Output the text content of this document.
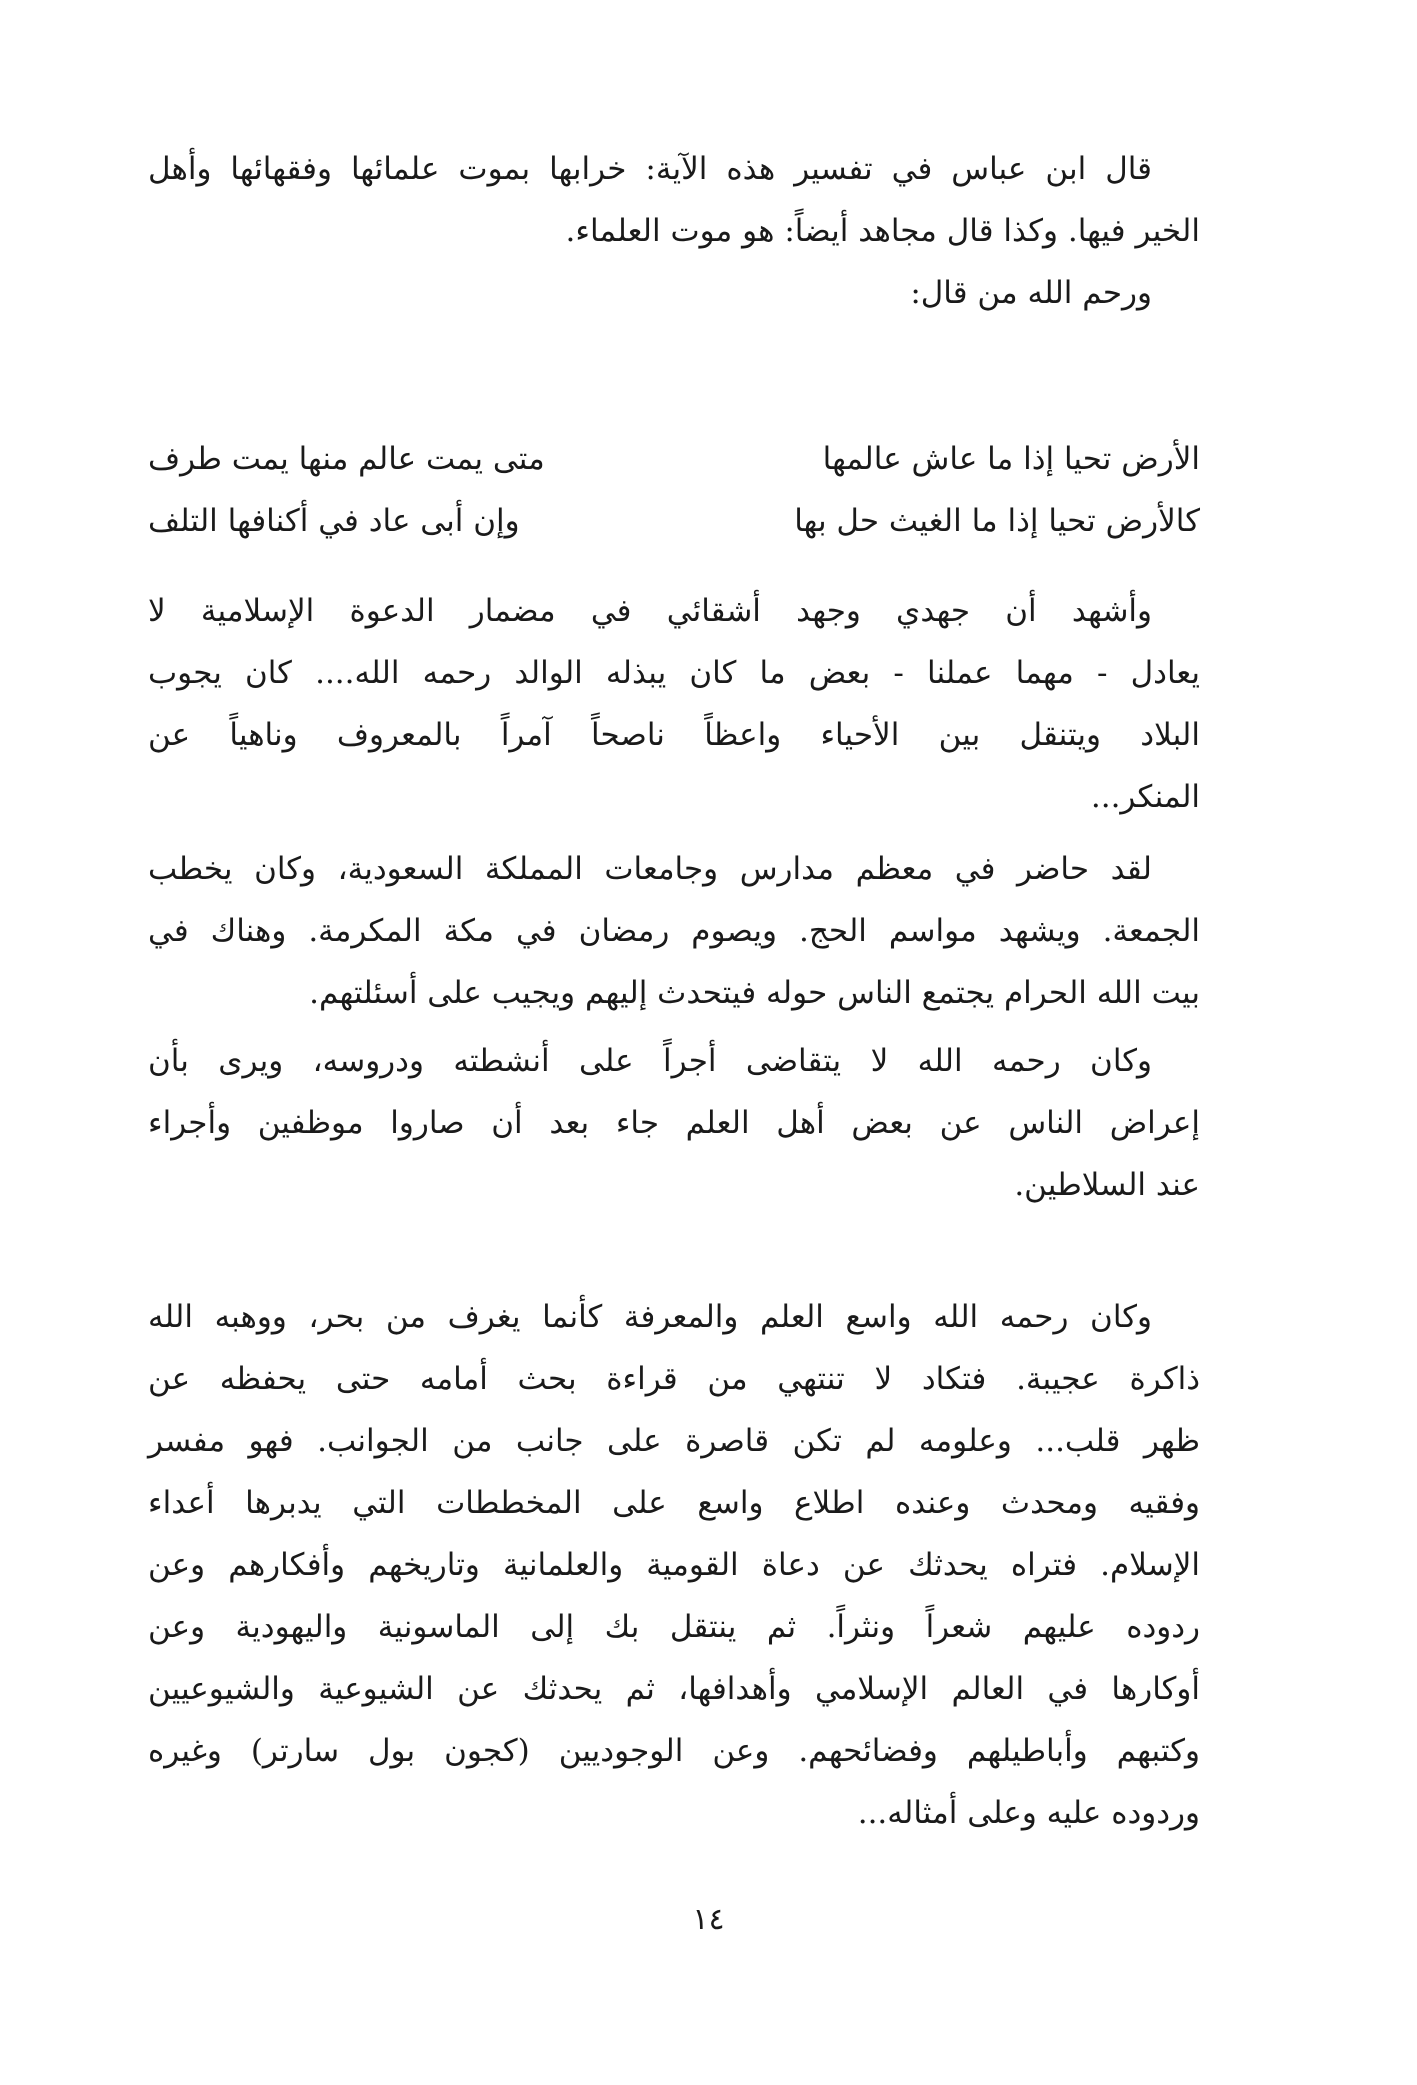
قال ابن عباس في تفسير هذه الآية: خرابها بموت علمائها وفقهائها وأهل
الخير فيها. وكذا قال مجاهد أيضاً: هو موت العلماء.
ورحم الله من قال:
الأرض تحيا إذا ما عاش عالمها
متى يمت عالم منها يمت طرف
كالأرض تحيا إذا ما الغيث حل بها
وإن أبى عاد في أكنافها التلف
وأشهد أن جهدي وجهد أشقائي في مضمار الدعوة الإسلامية لا
يعادل - مهما عملنا - بعض ما كان يبذله الوالد رحمه الله.... كان يجوب
البلاد ويتنقل بين الأحياء واعظاً ناصحاً آمراً بالمعروف وناهياً عن
المنكر...
لقد حاضر في معظم مدارس وجامعات المملكة السعودية، وكان يخطب
الجمعة. ويشهد مواسم الحج. ويصوم رمضان في مكة المكرمة. وهناك في
بيت الله الحرام يجتمع الناس حوله فيتحدث إليهم ويجيب على أسئلتهم.
وكان رحمه الله لا يتقاضى أجراً على أنشطته ودروسه، ويرى بأن
إعراض الناس عن بعض أهل العلم جاء بعد أن صاروا موظفين وأجراء
عند السلاطين.
وكان رحمه الله واسع العلم والمعرفة كأنما يغرف من بحر، ووهبه الله
ذاكرة عجيبة. فتكاد لا تنتهي من قراءة بحث أمامه حتى يحفظه عن
ظهر قلب... وعلومه لم تكن قاصرة على جانب من الجوانب. فهو مفسر
وفقيه ومحدث وعنده اطلاع واسع على المخططات التي يدبرها أعداء
الإسلام. فتراه يحدثك عن دعاة القومية والعلمانية وتاريخهم وأفكارهم وعن
ردوده عليهم شعراً ونثراً. ثم ينتقل بك إلى الماسونية واليهودية وعن
أوكارها في العالم الإسلامي وأهدافها، ثم يحدثك عن الشيوعية والشيوعيين
وكتبهم وأباطيلهم وفضائحهم. وعن الوجوديين (كجون بول سارتر) وغيره
وردوده عليه وعلى أمثاله...
١٤
